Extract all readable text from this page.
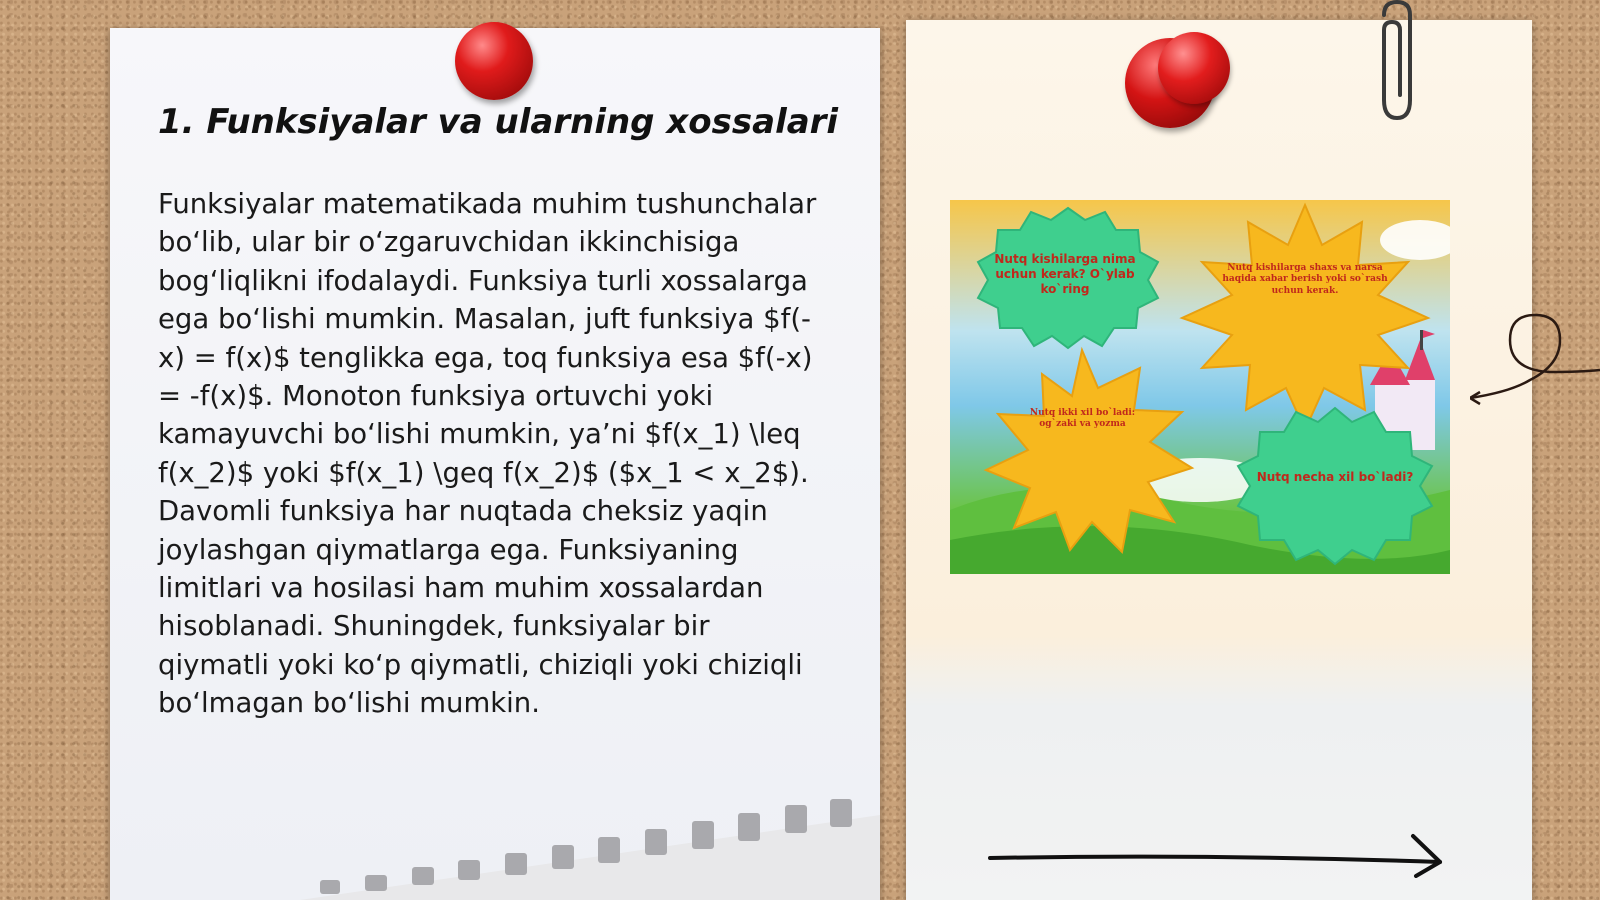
1. Funksiyalar va ularning xossalari

Funksiyalar matematikada muhim tushunchalar bo‘lib, ular bir o‘zgaruvchidan ikkinchisiga bog‘liqlikni ifodalaydi. Funksiya turli xossalarga ega bo‘lishi mumkin. Masalan, juft funksiya $f(-x) = f(x)$ tenglikka ega, toq funksiya esa $f(-x) = -f(x)$. Monoton funksiya ortuvchi yoki kamayuvchi bo‘lishi mumkin, ya’ni $f(x_1) \leq f(x_2)$ yoki $f(x_1) \geq f(x_2)$ ($x_1 < x_2$). Davomli funksiya har nuqtada cheksiz yaqin joylashgan qiymatlarga ega. Funksiyaning limitlari va hosilasi ham muhim xossalardan hisoblanadi. Shuningdek, funksiyalar bir qiymatli yoki ko‘p qiymatli, chiziqli yoki chiziqli bo‘lmagan bo‘lishi mumkin.

Nutq kishilarga nima uchun kerak? O`ylab ko`ring
Nutq kishilarga shaxs va narsa haqida xabar berish yoki so`rash uchun kerak.
Nutq ikki xil bo`ladi: og`zaki va yozma
Nutq necha xil bo`ladi?
